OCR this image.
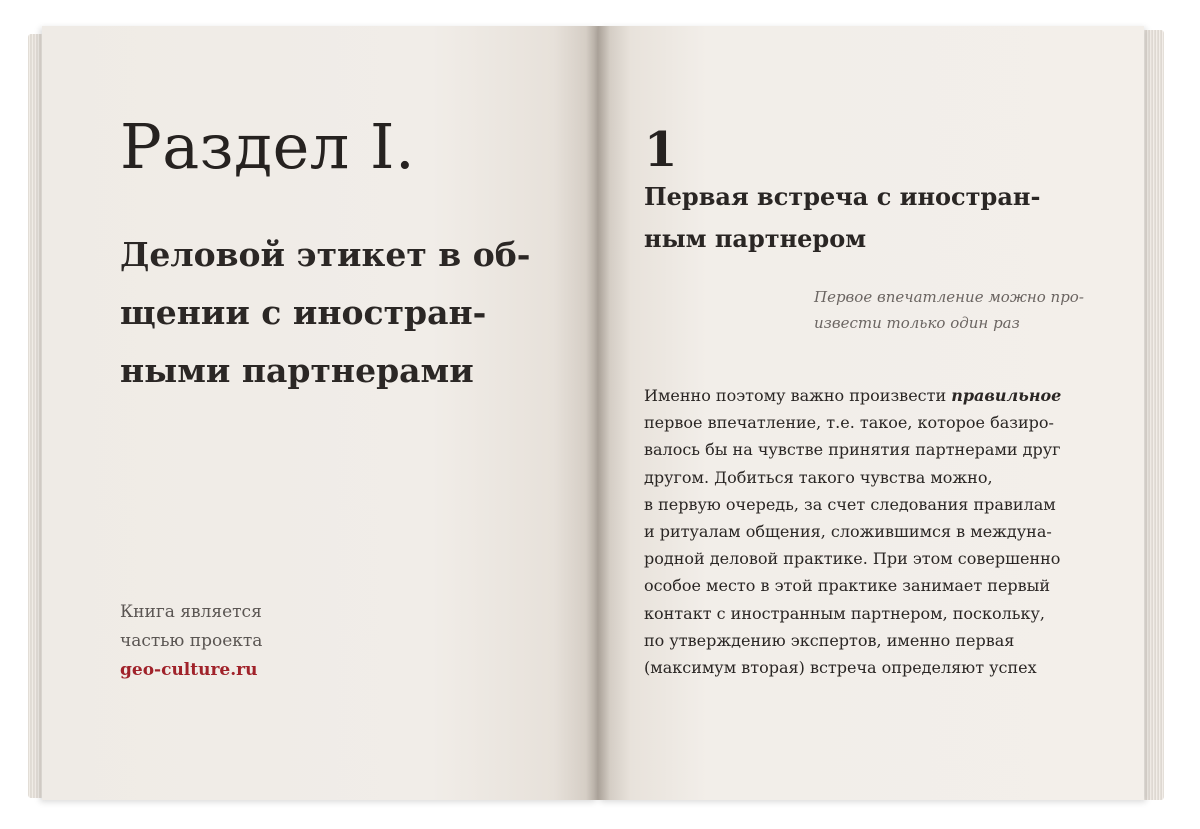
Раздел I.
Деловой этикет в общении с иностранными партнерами
Книга является
частью проекта
geo-culture.ru
1
Первая встреча с иностранным партнером
Первое впечатление можно произвести только один раз
Именно поэтому важно произвести правильное
первое впечатление, т.е. такое, которое базиро-
валось бы на чувстве принятия партнерами друг
другом. Добиться такого чувства можно,
в первую очередь, за счет следования правилам
и ритуалам общения, сложившимся в междуна-
родной деловой практике. При этом совершенно
особое место в этой практике занимает первый
контакт с иностранным партнером, поскольку,
по утверждению экспертов, именно первая
(максимум вторая) встреча определяют успех
